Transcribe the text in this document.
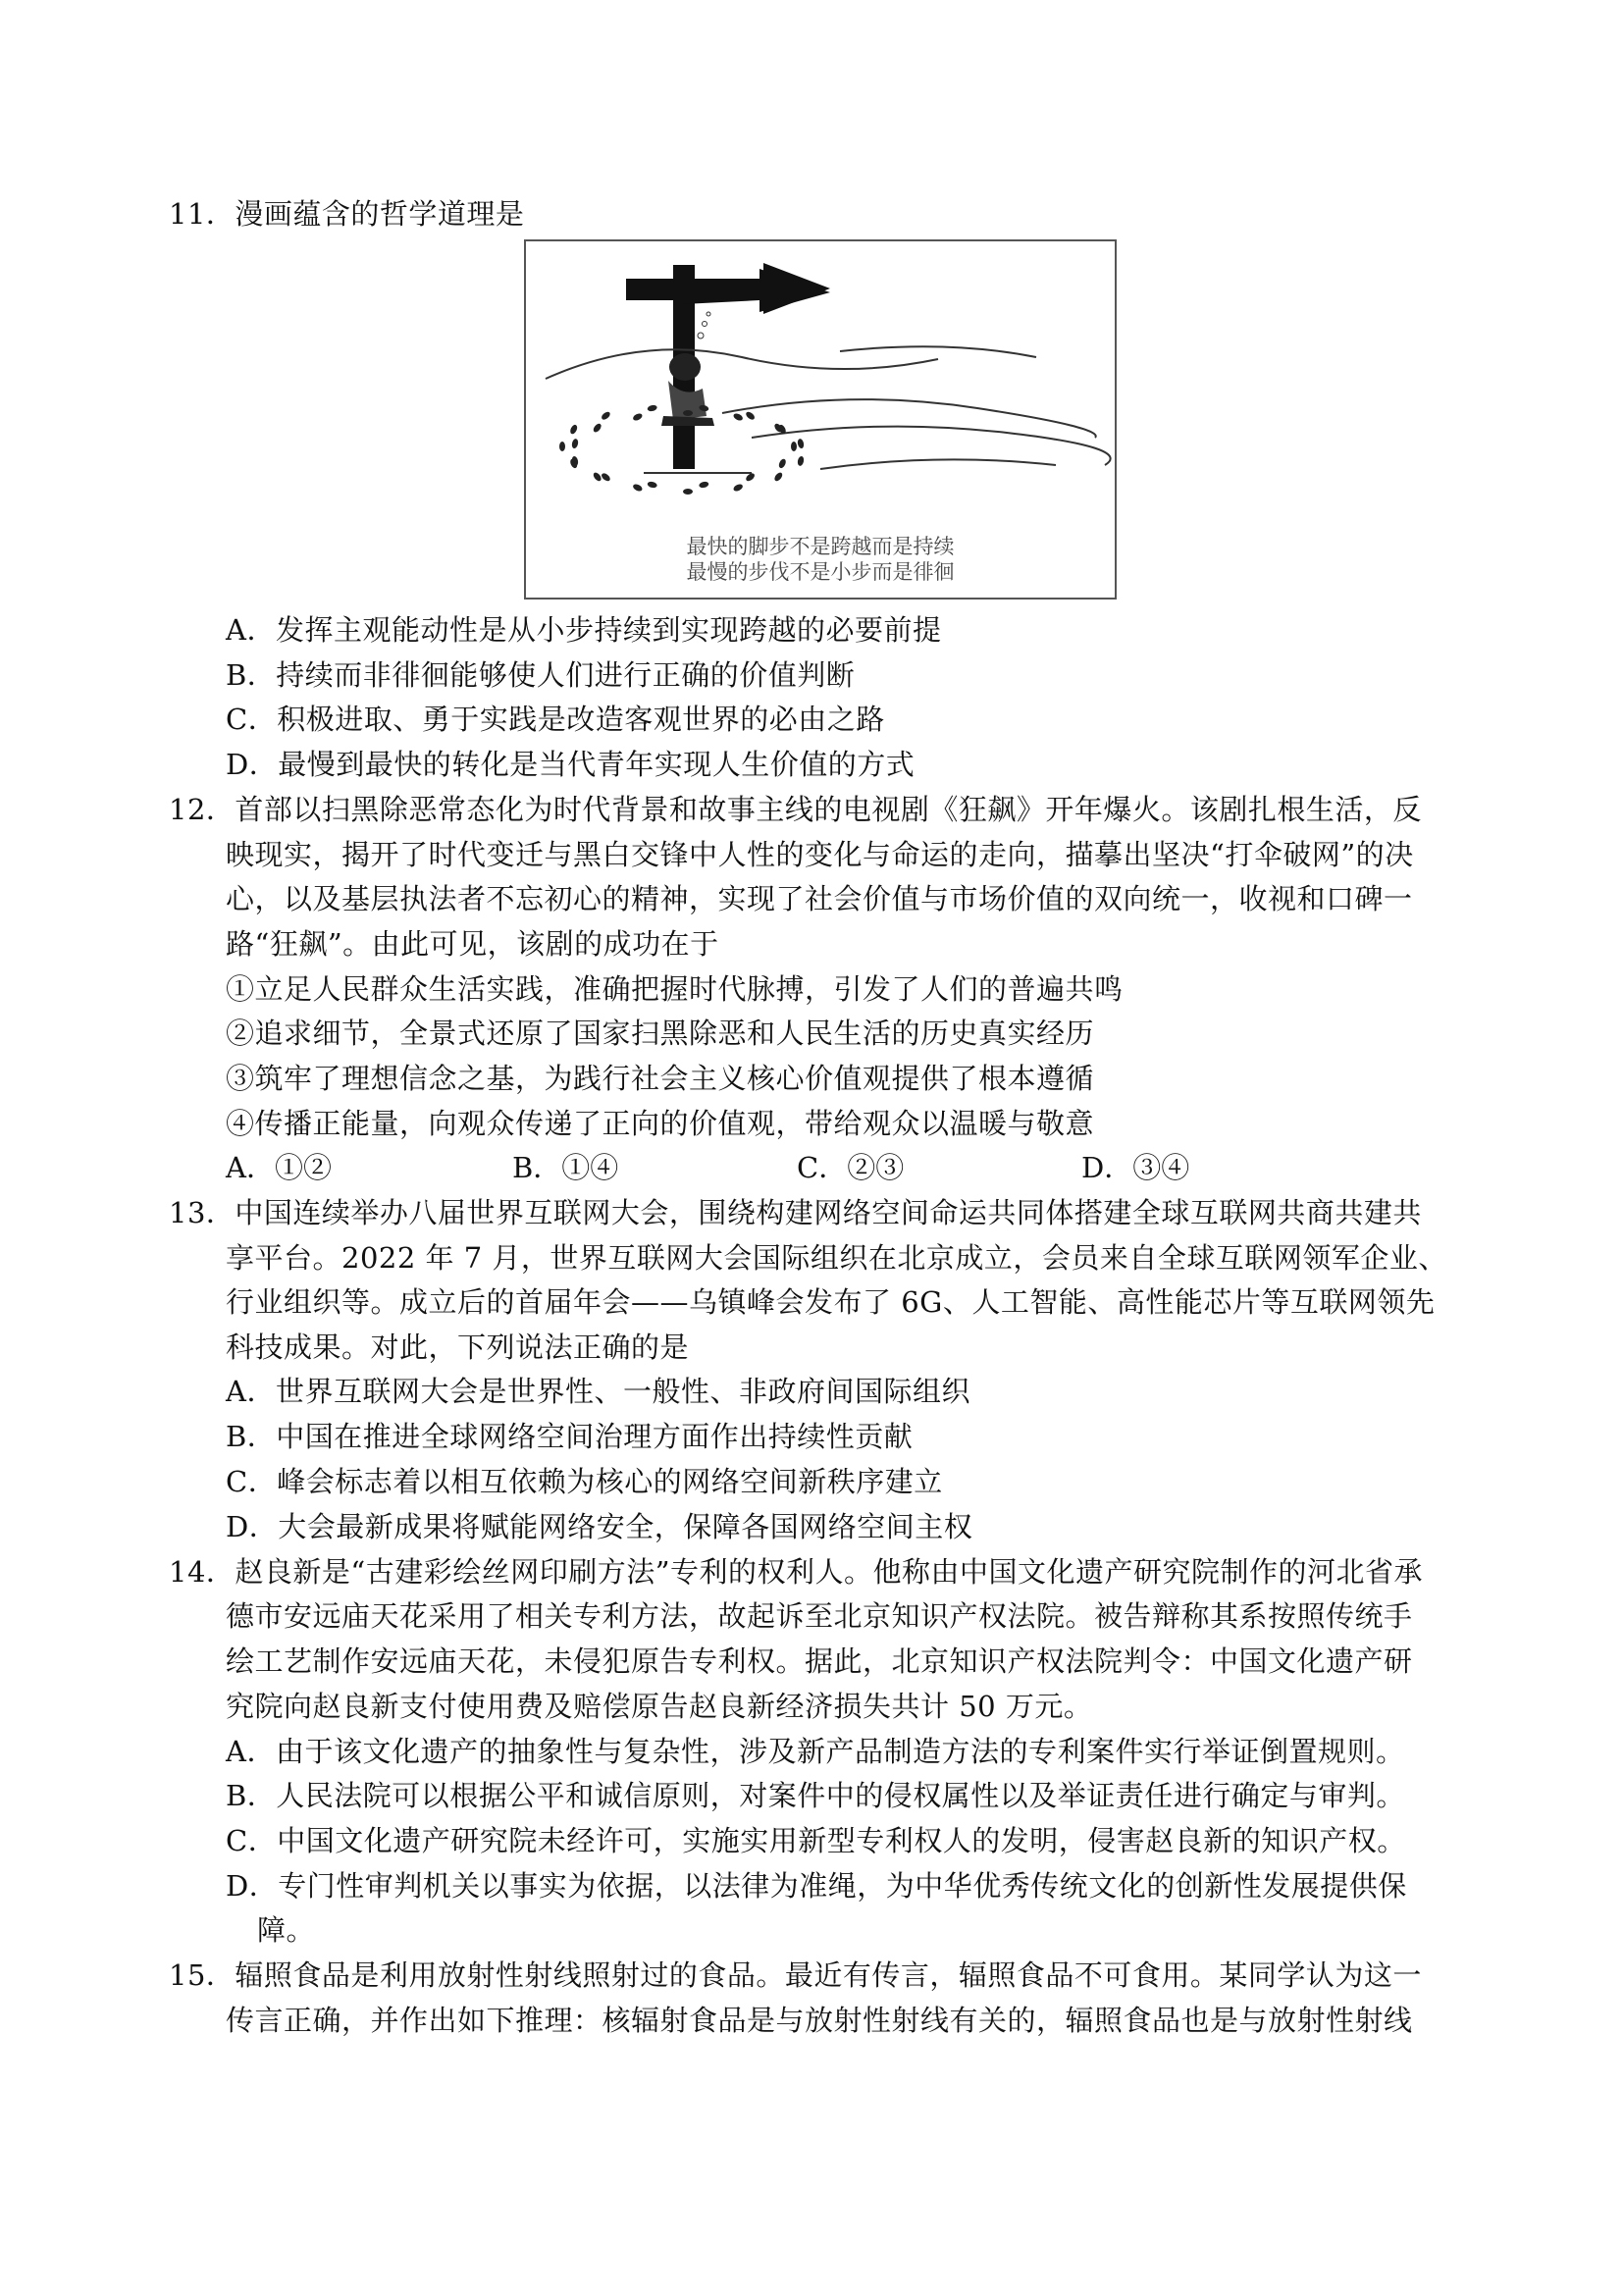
11．漫画蕴含的哲学道理是
最快的脚步不是跨越而是持续
最慢的步伐不是小步而是徘徊
A．发挥主观能动性是从小步持续到实现跨越的必要前提
B．持续而非徘徊能够使人们进行正确的价值判断
C．积极进取、勇于实践是改造客观世界的必由之路
D．最慢到最快的转化是当代青年实现人生价值的方式
12．首部以扫黑除恶常态化为时代背景和故事主线的电视剧《狂飙》开年爆火。该剧扎根生活，反
映现实，揭开了时代变迁与黑白交锋中人性的变化与命运的走向，描摹出坚决“打伞破网”的决
心，以及基层执法者不忘初心的精神，实现了社会价值与市场价值的双向统一，收视和口碑一
路“狂飙”。由此可见，该剧的成功在于
①立足人民群众生活实践，准确把握时代脉搏，引发了人们的普遍共鸣
②追求细节，全景式还原了国家扫黑除恶和人民生活的历史真实经历
③筑牢了理想信念之基，为践行社会主义核心价值观提供了根本遵循
④传播正能量，向观众传递了正向的价值观，带给观众以温暖与敬意
A．①②	B．①④	C．②③	D．③④
13．中国连续举办八届世界互联网大会，围绕构建网络空间命运共同体搭建全球互联网共商共建共
享平台。2022 年 7 月，世界互联网大会国际组织在北京成立，会员来自全球互联网领军企业、
行业组织等。成立后的首届年会——乌镇峰会发布了 6G、人工智能、高性能芯片等互联网领先
科技成果。对此，下列说法正确的是
A．世界互联网大会是世界性、一般性、非政府间国际组织
B．中国在推进全球网络空间治理方面作出持续性贡献
C．峰会标志着以相互依赖为核心的网络空间新秩序建立
D．大会最新成果将赋能网络安全，保障各国网络空间主权
14．赵良新是“古建彩绘丝网印刷方法”专利的权利人。他称由中国文化遗产研究院制作的河北省承
德市安远庙天花采用了相关专利方法，故起诉至北京知识产权法院。被告辩称其系按照传统手
绘工艺制作安远庙天花，未侵犯原告专利权。据此，北京知识产权法院判令：中国文化遗产研
究院向赵良新支付使用费及赔偿原告赵良新经济损失共计 50 万元。
A．由于该文化遗产的抽象性与复杂性，涉及新产品制造方法的专利案件实行举证倒置规则。
B．人民法院可以根据公平和诚信原则，对案件中的侵权属性以及举证责任进行确定与审判。
C．中国文化遗产研究院未经许可，实施实用新型专利权人的发明，侵害赵良新的知识产权。
D．专门性审判机关以事实为依据，以法律为准绳，为中华优秀传统文化的创新性发展提供保
障。
15．辐照食品是利用放射性射线照射过的食品。最近有传言，辐照食品不可食用。某同学认为这一
传言正确，并作出如下推理：核辐射食品是与放射性射线有关的，辐照食品也是与放射性射线
